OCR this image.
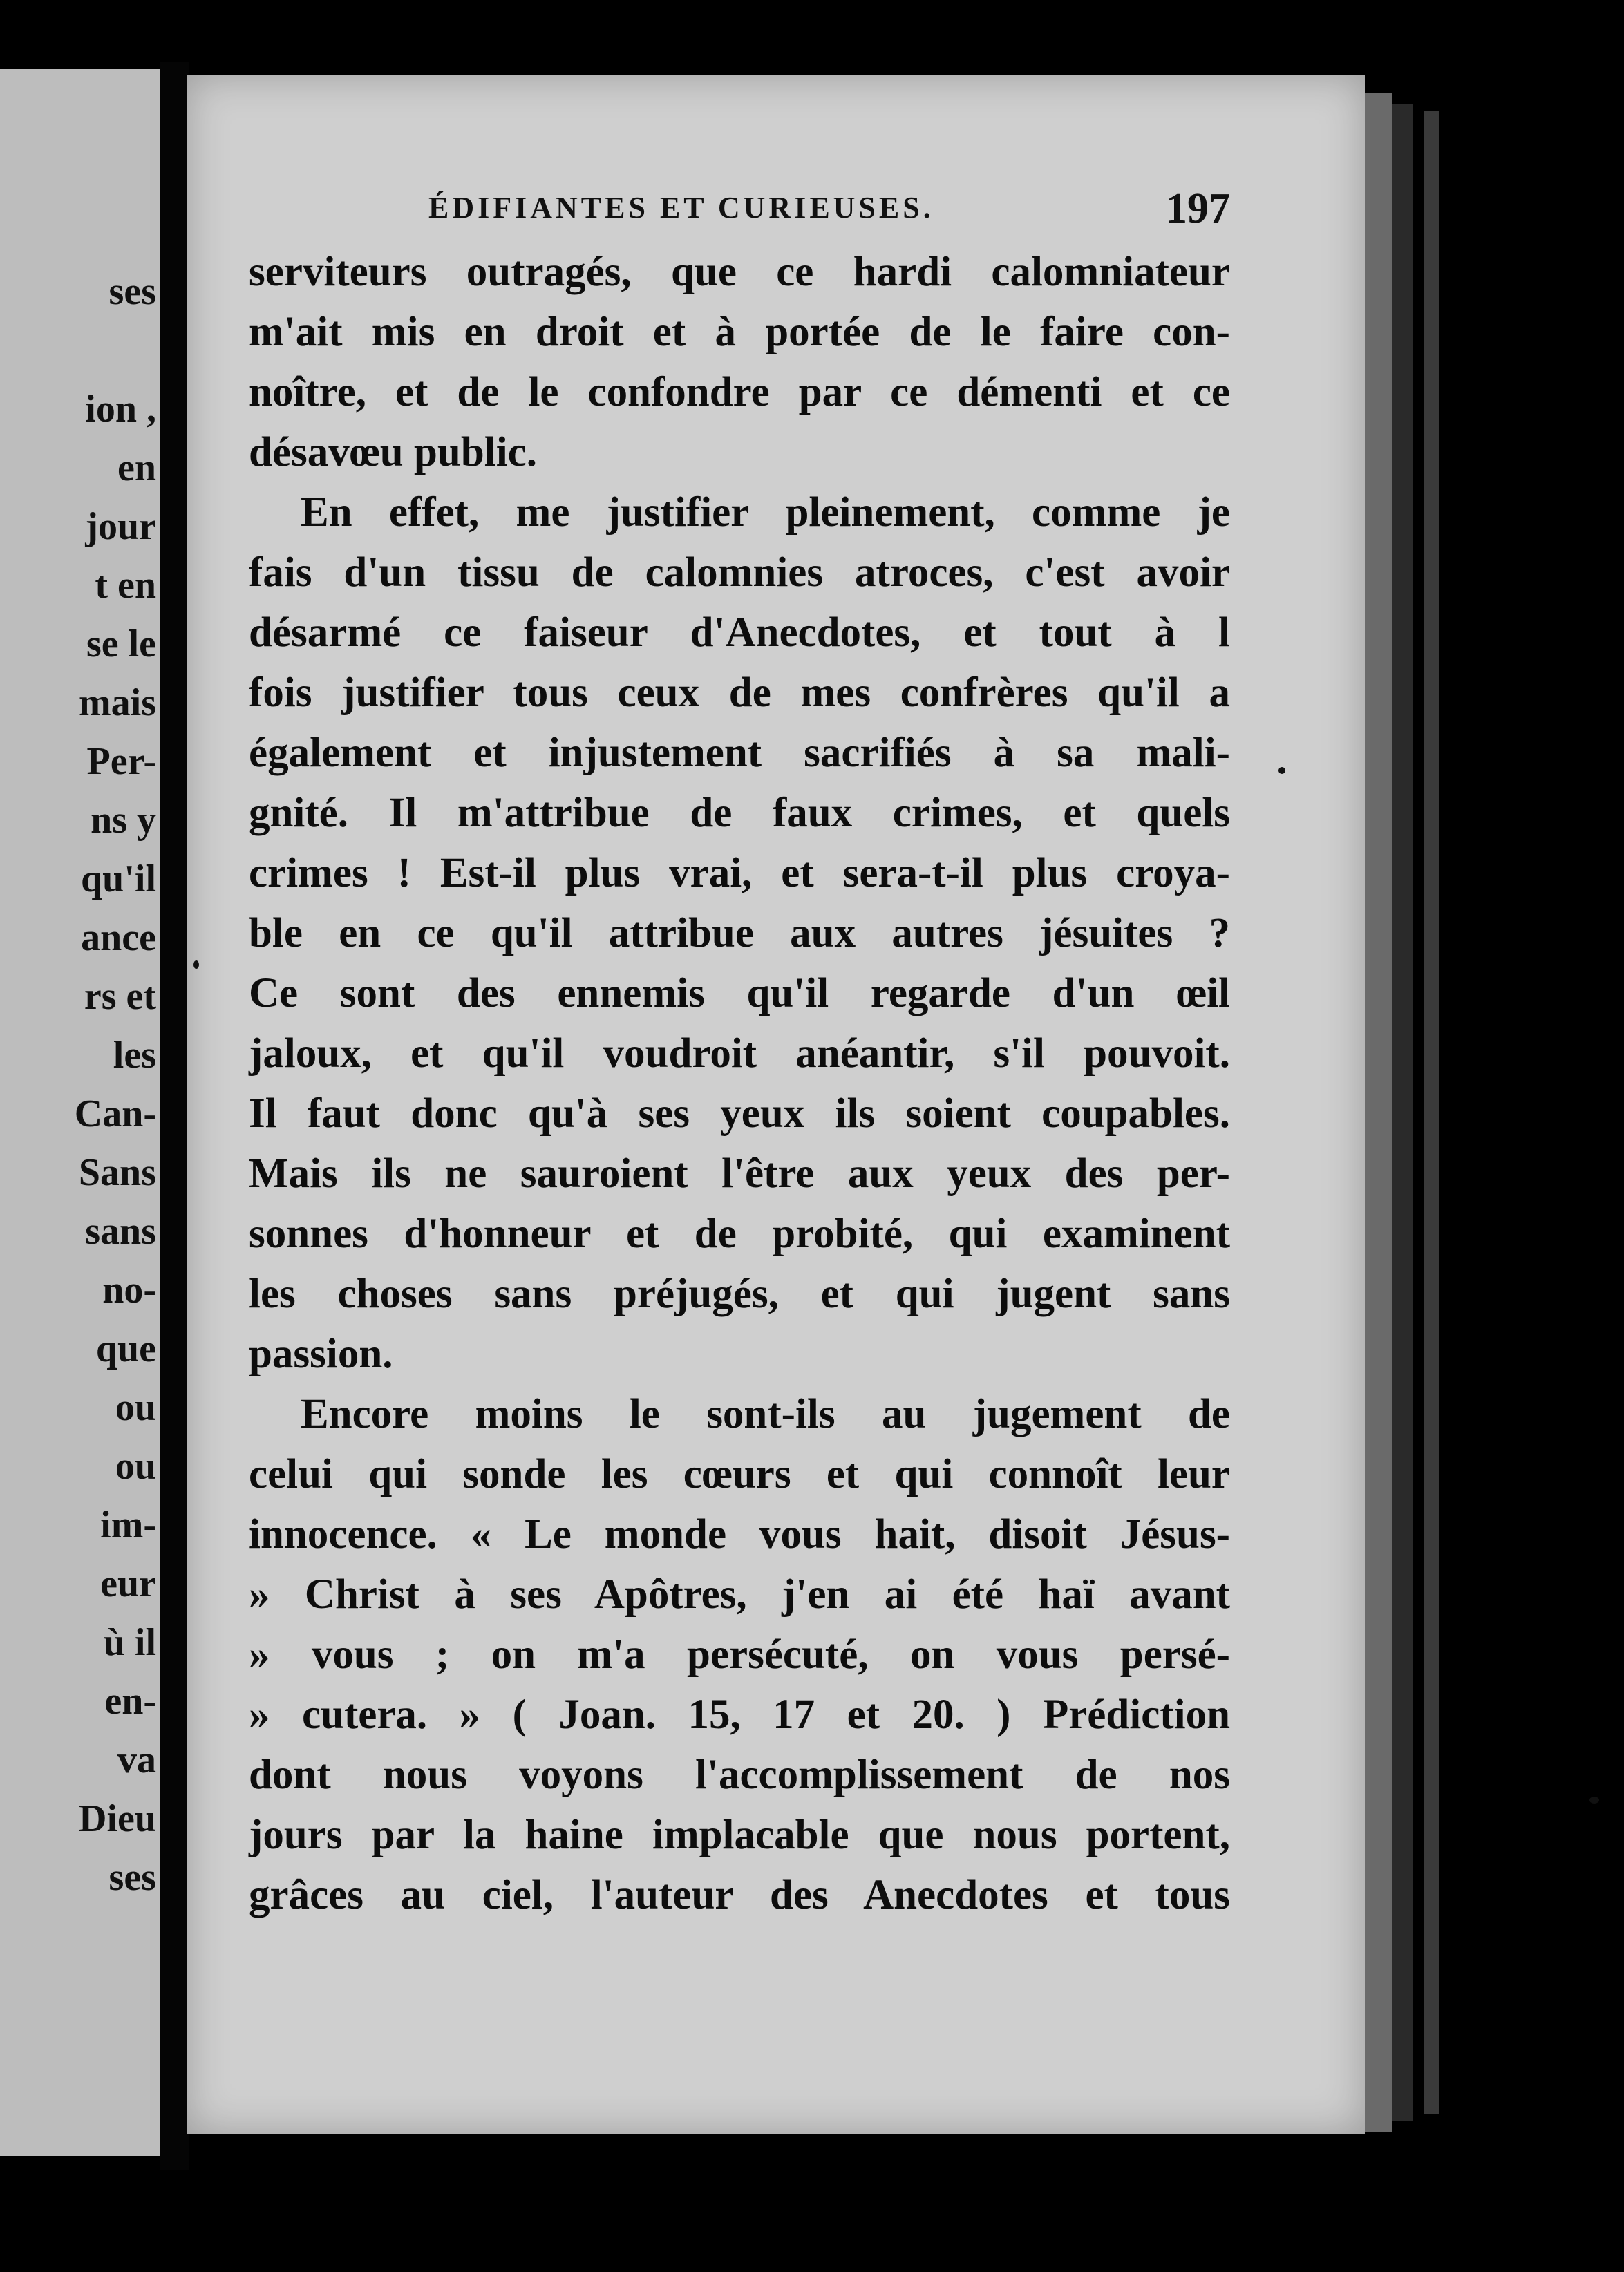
ses
ion ,
en
jour
t en
se le
mais
Per-
ns y
qu'il
ance
rs et
les
Can-
Sans
sans
no-
que
ou
ou
im-
eur
ù il
en-
va
Dieu
ses
ÉDIFIANTES ET CURIEUSES.	197
serviteurs outragés, que ce hardi calomniateur
m'ait mis en droit et à portée de le faire con-
noître, et de le confondre par ce démenti et ce
désavœu public.
En effet, me justifier pleinement, comme je
fais d'un tissu de calomnies atroces, c'est avoir
désarmé ce faiseur d'Anecdotes, et tout à l
fois justifier tous ceux de mes confrères qu'il a
également et injustement sacrifiés à sa mali-
gnité. Il m'attribue de faux crimes, et quels
crimes ! Est-il plus vrai, et sera-t-il plus croya-
ble en ce qu'il attribue aux autres jésuites ?
Ce sont des ennemis qu'il regarde d'un œil
jaloux, et qu'il voudroit anéantir, s'il pouvoit.
Il faut donc qu'à ses yeux ils soient coupables.
Mais ils ne sauroient l'être aux yeux des per-
sonnes d'honneur et de probité, qui examinent
les choses sans préjugés, et qui jugent sans
passion.
Encore moins le sont-ils au jugement de
celui qui sonde les cœurs et qui connoît leur
innocence. « Le monde vous hait, disoit Jésus-
» Christ à ses Apôtres, j'en ai été haï avant
» vous ; on m'a persécuté, on vous persé-
» cutera. » ( Joan. 15, 17 et 20. ) Prédiction
dont nous voyons l'accomplissement de nos
jours par la haine implacable que nous portent,
grâces au ciel, l'auteur des Anecdotes et tous
